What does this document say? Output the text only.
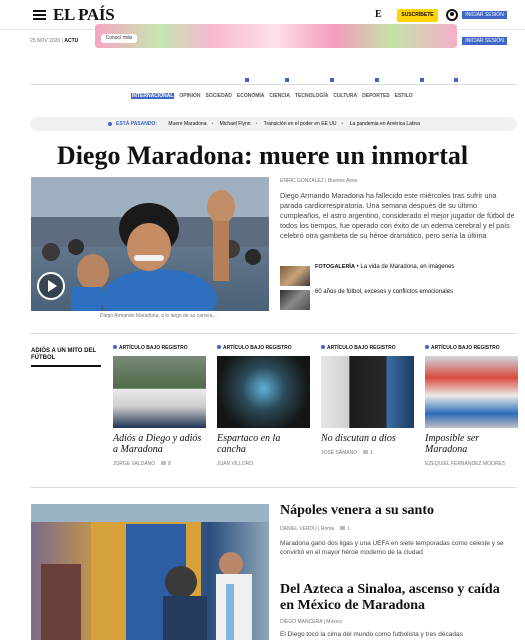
EL PAÍS	E	SUSCRÍBETE	INICIAR SESIÓN
Conocí más
25 NOV 2020 | ACTU	INICIAR SESIÓN
INTERNACIONAL OPINIÓN SOCIEDAD ECONOMÍA CIENCIA TECNOLOGÍA CULTURA DEPORTES ESTILO
ESTÁ PASANDO: Muere Maradona • Michael Flynn • Transición en el poder en EE UU • La pandemia en América Latina
Diego Maradona: muere un inmortal
Diego Armando Maradona, a lo largo de su carrera...
ENRIC GONZÁLEZ | Buenos Aires
Diego Armando Maradona ha fallecido este miércoles tras sufrir una parada cardiorrespiratoria. Una semana después de su último cumpleaños, el astro argentino, considerado el mejor jugador de fútbol de todos los tiempos, fue operado con éxito de un edema cerebral y el país celebró otra gambeta de su héroe dramático, pero sería la última
FOTOGALERÍA • La vida de Maradona, en imágenes
60 años de fútbol, excesos y conflictos emocionales
ADIÓS A UN MITO DEL FÚTBOL
ARTÍCULO BAJO REGISTRO
Adiós a Diego y adiós a Maradona
JORGE VALDANO	8
ARTÍCULO BAJO REGISTRO
Espartaco en la cancha
JUAN VILLORO
ARTÍCULO BAJO REGISTRO
No discutan a dios
JOSÉ SÁMANO	1
ARTÍCULO BAJO REGISTRO
Imposible ser Maradona
EZEQUIEL FERNÁNDEZ MOORES
Nápoles venera a su santo
DANIEL VERDÚ | Roma	1
Maradona ganó dos ligas y una UEFA en siete temporadas como celeste y se convirtió en el mayor héroe moderno de la ciudad
Del Azteca a Sinaloa, ascenso y caída en México de Maradona
DIEGO MANCERA | México
El Diego tocó la cima del mundo como futbolista y tres décadas
